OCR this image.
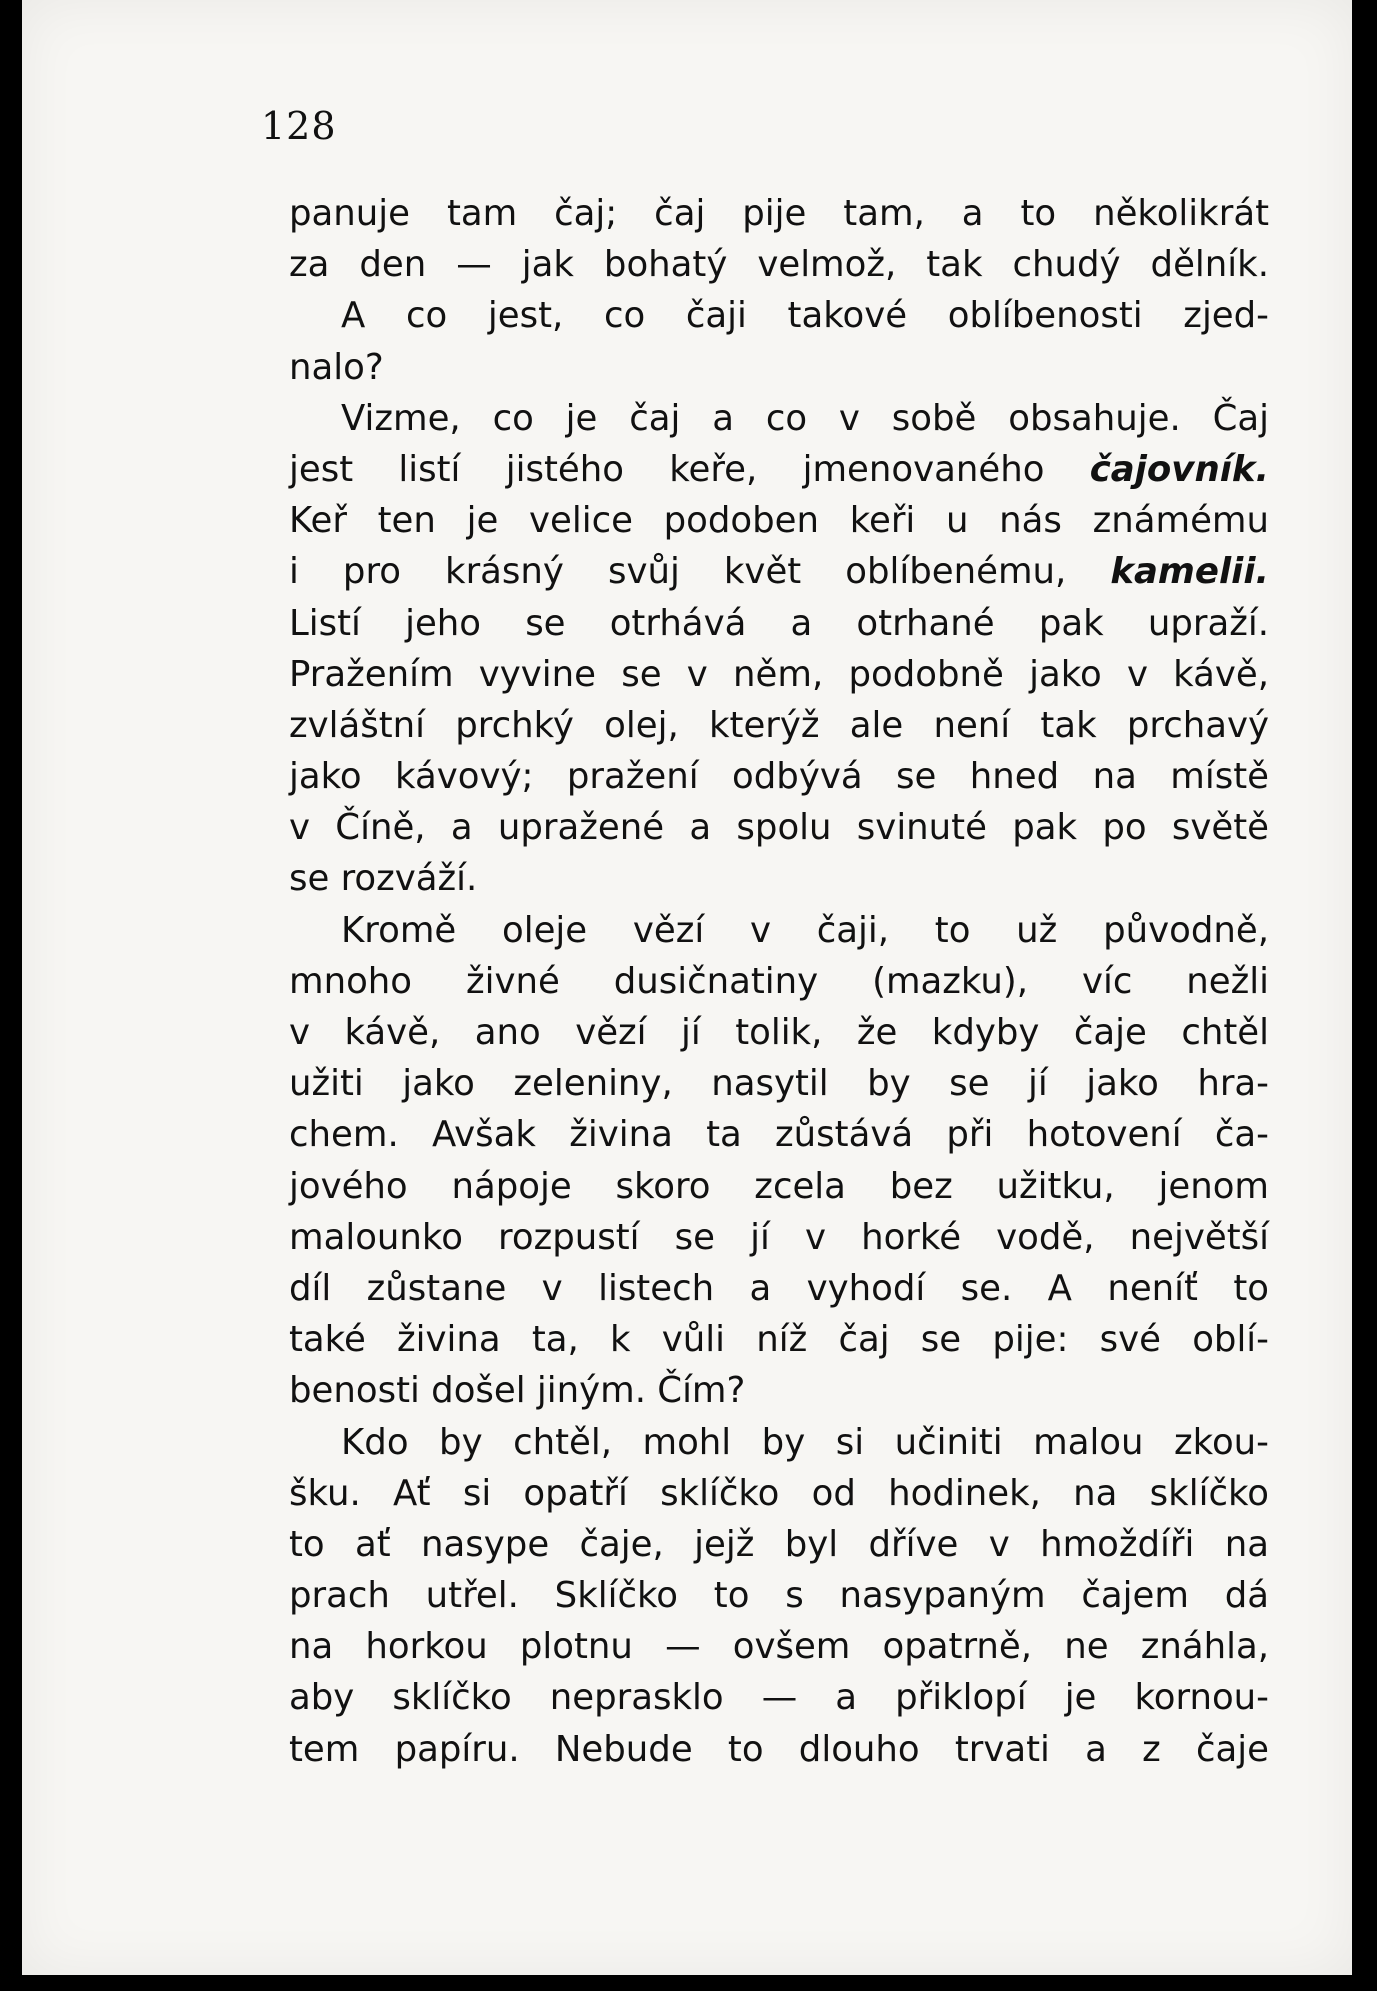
128
panuje tam čaj; čaj pije tam, a to několikrát
za den — jak bohatý velmož, tak chudý dělník.
A co jest, co čaji takové oblíbenosti zjed-
nalo?
Vizme, co je čaj a co v sobě obsahuje. Čaj
jest listí jistého keře, jmenovaného čajovník.
Keř ten je velice podoben keři u nás známému
i pro krásný svůj květ oblíbenému, kamelii.
Listí jeho se otrhává a otrhané pak upraží.
Pražením vyvine se v něm, podobně jako v kávě,
zvláštní prchký olej, kterýž ale není tak prchavý
jako kávový; pražení odbývá se hned na místě
v Číně, a upražené a spolu svinuté pak po světě
se rozváží.
Kromě oleje vězí v čaji, to už původně,
mnoho živné dusičnatiny (mazku), víc nežli
v kávě, ano vězí jí tolik, že kdyby čaje chtěl
užiti jako zeleniny, nasytil by se jí jako hra-
chem. Avšak živina ta zůstává při hotovení ča-
jového nápoje skoro zcela bez užitku, jenom
malounko rozpustí se jí v horké vodě, největší
díl zůstane v listech a vyhodí se. A neníť to
také živina ta, k vůli níž čaj se pije: své oblí-
benosti došel jiným. Čím?
Kdo by chtěl, mohl by si učiniti malou zkou-
šku. Ať si opatří sklíčko od hodinek, na sklíčko
to ať nasype čaje, jejž byl dříve v hmoždíři na
prach utřel. Sklíčko to s nasypaným čajem dá
na horkou plotnu — ovšem opatrně, ne znáhla,
aby sklíčko neprasklo — a přiklopí je kornou-
tem papíru. Nebude to dlouho trvati a z čaje
